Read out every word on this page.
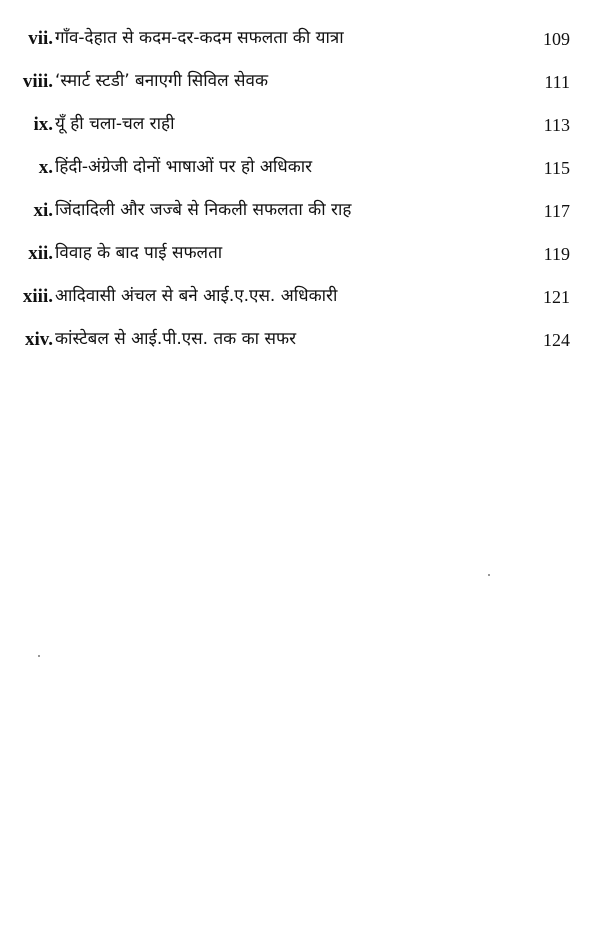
vii. गाँव-देहात से कदम-दर-कदम सफलता की यात्रा	109
viii. ‘स्मार्ट स्टडी’ बनाएगी सिविल सेवक	111
ix. यूँ ही चला-चल राही	113
x. हिंदी-अंग्रेजी दोनों भाषाओं पर हो अधिकार	115
xi. जिंदादिली और जज्बे से निकली सफलता की राह	117
xii. विवाह के बाद पाई सफलता	119
xiii. आदिवासी अंचल से बने आई.ए.एस. अधिकारी	121
xiv. कांस्टेबल से आई.पी.एस. तक का सफर	124
